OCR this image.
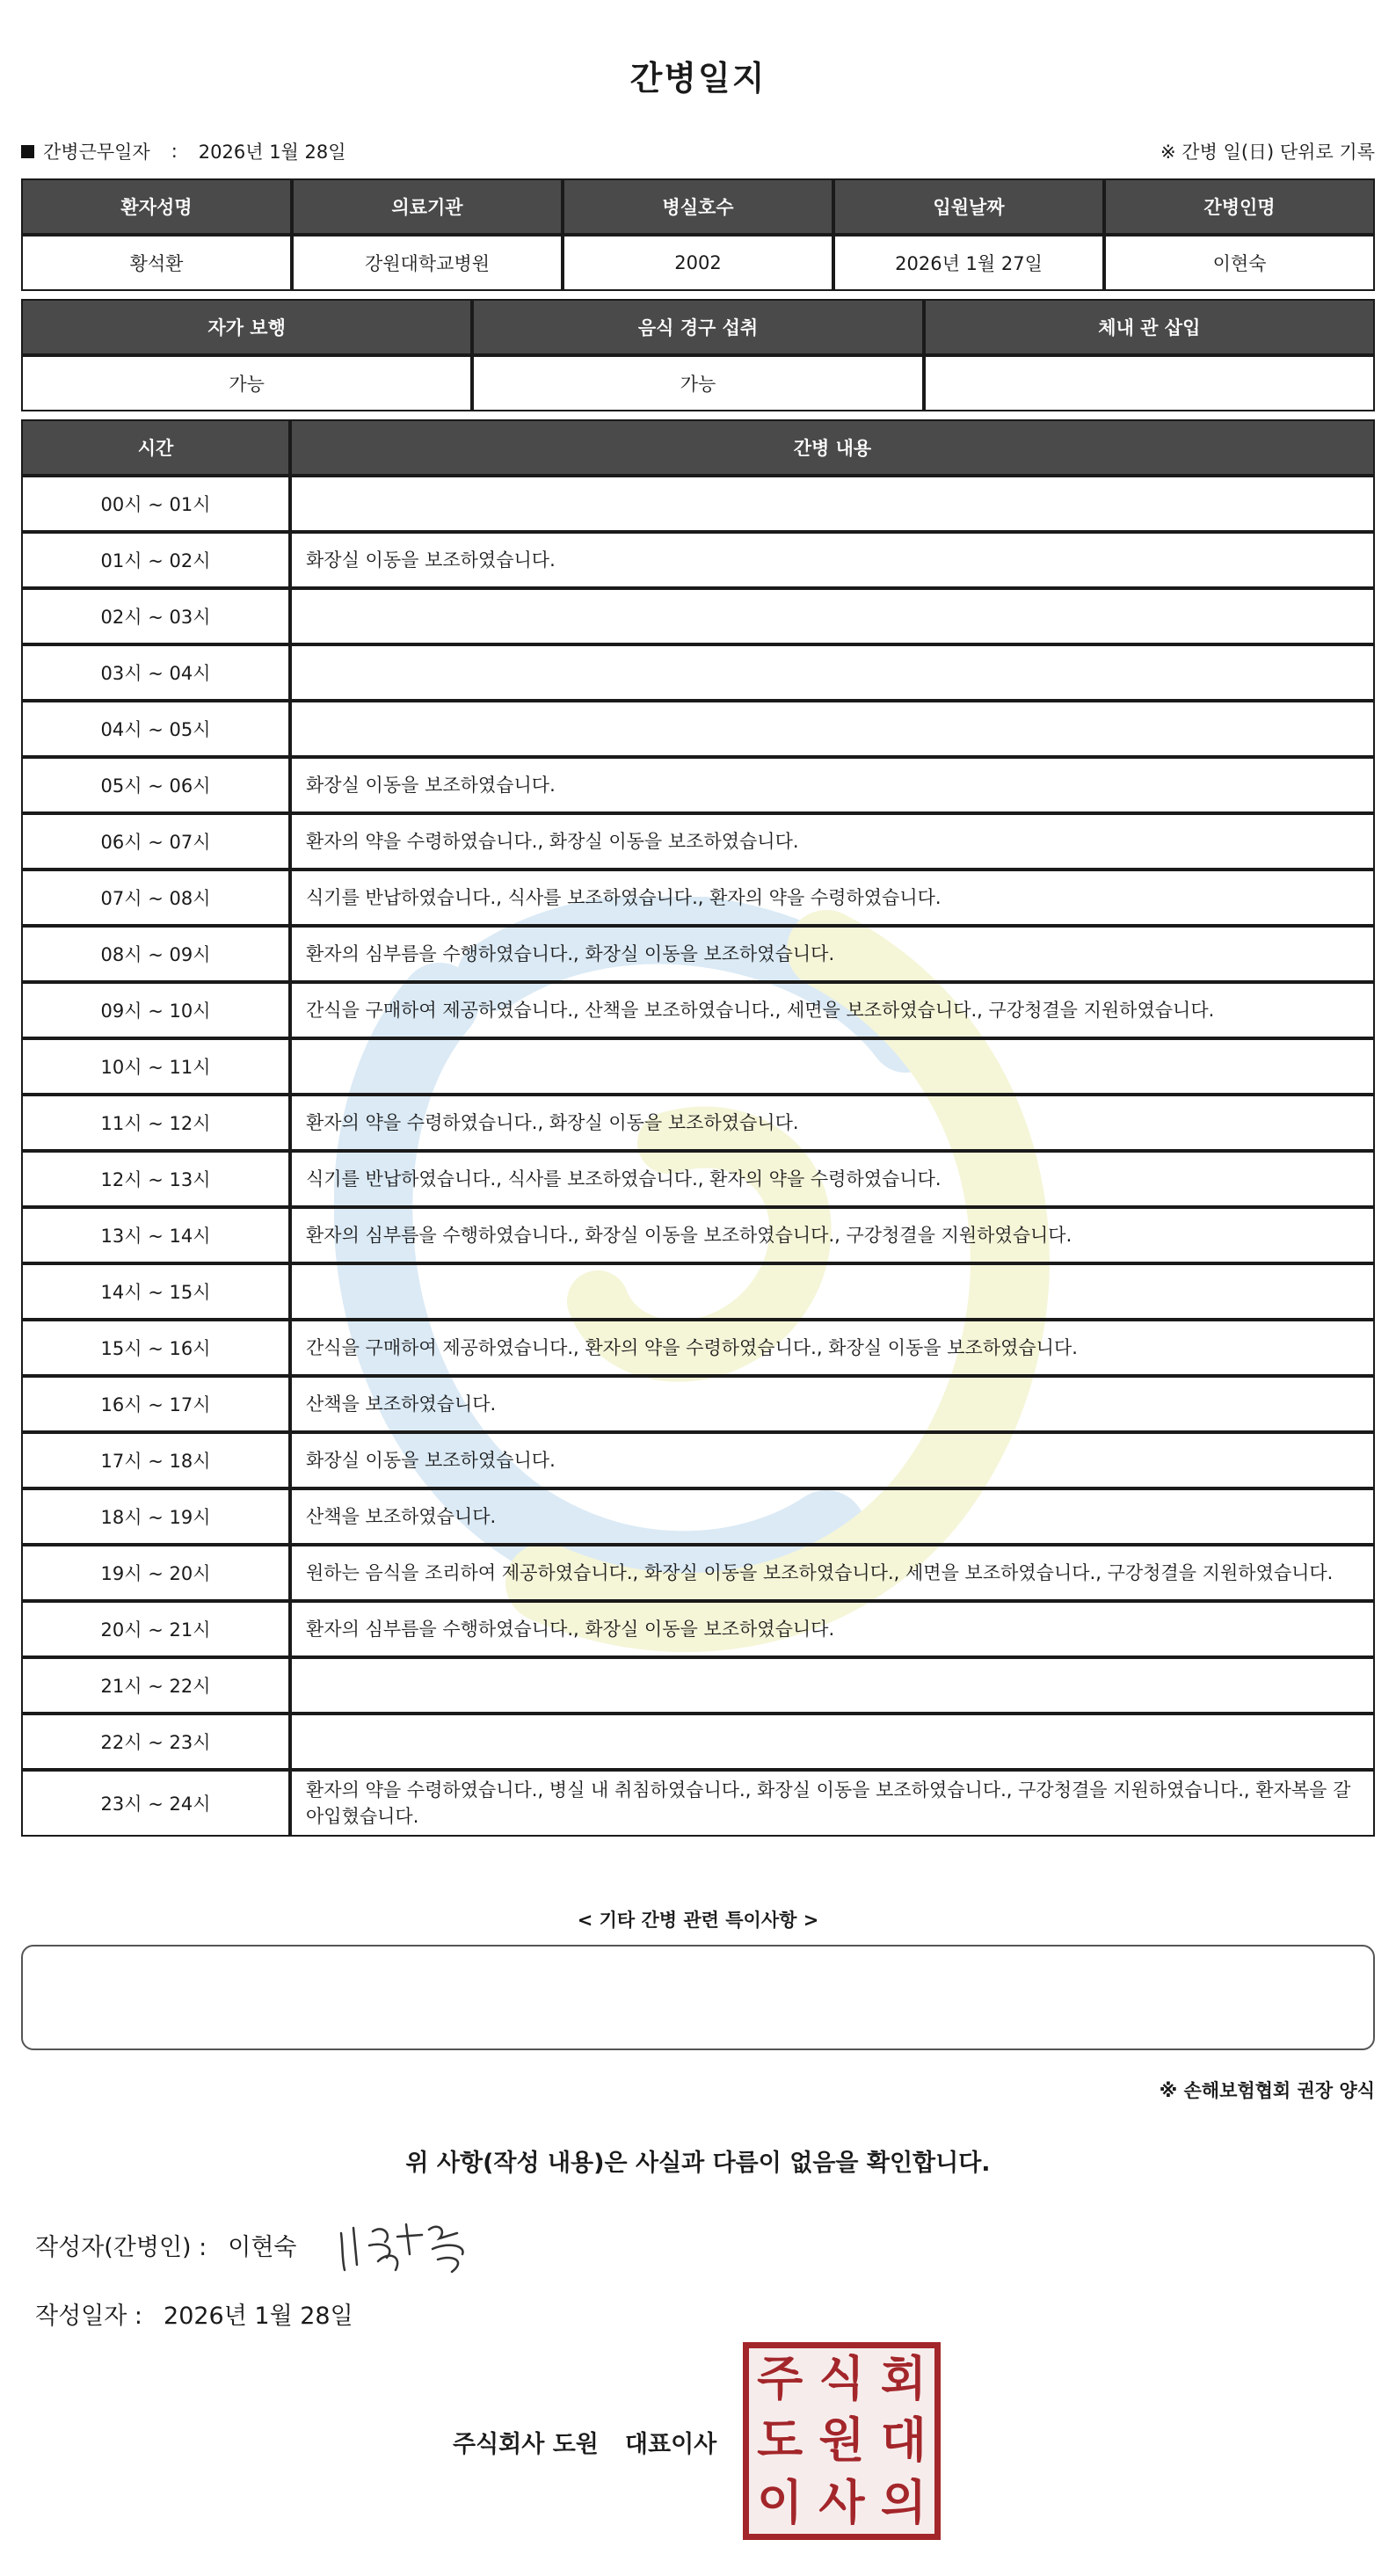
간병일지
간병근무일자 : 2026년 1월 28일	※ 간병 일(日) 단위로 기록
환자성명	의료기관	병실호수	입원날짜	간병인명
황석환	강원대학교병원	2002	2026년 1월 27일	이현숙
자가 보행	음식 경구 섭취	체내 관 삽입
가능	가능	
시간	간병 내용
00시 ~ 01시	
01시 ~ 02시	화장실 이동을 보조하였습니다.
02시 ~ 03시	
03시 ~ 04시	
04시 ~ 05시	
05시 ~ 06시	화장실 이동을 보조하였습니다.
06시 ~ 07시	환자의 약을 수령하였습니다., 화장실 이동을 보조하였습니다.
07시 ~ 08시	식기를 반납하였습니다., 식사를 보조하였습니다., 환자의 약을 수령하였습니다.
08시 ~ 09시	환자의 심부름을 수행하였습니다., 화장실 이동을 보조하였습니다.
09시 ~ 10시	간식을 구매하여 제공하였습니다., 산책을 보조하였습니다., 세면을 보조하였습니다., 구강청결을 지원하였습니다.
10시 ~ 11시	
11시 ~ 12시	환자의 약을 수령하였습니다., 화장실 이동을 보조하였습니다.
12시 ~ 13시	식기를 반납하였습니다., 식사를 보조하였습니다., 환자의 약을 수령하였습니다.
13시 ~ 14시	환자의 심부름을 수행하였습니다., 화장실 이동을 보조하였습니다., 구강청결을 지원하였습니다.
14시 ~ 15시	
15시 ~ 16시	간식을 구매하여 제공하였습니다., 환자의 약을 수령하였습니다., 화장실 이동을 보조하였습니다.
16시 ~ 17시	산책을 보조하였습니다.
17시 ~ 18시	화장실 이동을 보조하였습니다.
18시 ~ 19시	산책을 보조하였습니다.
19시 ~ 20시	원하는 음식을 조리하여 제공하였습니다., 화장실 이동을 보조하였습니다., 세면을 보조하였습니다., 구강청결을 지원하였습니다.
20시 ~ 21시	환자의 심부름을 수행하였습니다., 화장실 이동을 보조하였습니다.
21시 ~ 22시	
22시 ~ 23시	
23시 ~ 24시	환자의 약을 수령하였습니다., 병실 내 취침하였습니다., 화장실 이동을 보조하였습니다., 구강청결을 지원하였습니다., 환자복을 갈아입혔습니다.
< 기타 간병 관련 특이사항 >
※ 손해보험협회 권장 양식
위 사항(작성 내용)은 사실과 다름이 없음을 확인합니다.
작성자(간병인) : 이현숙
작성일자 : 2026년 1월 28일
주식회사 도원 대표이사
주 식 회
도 원 대
이 사 의
